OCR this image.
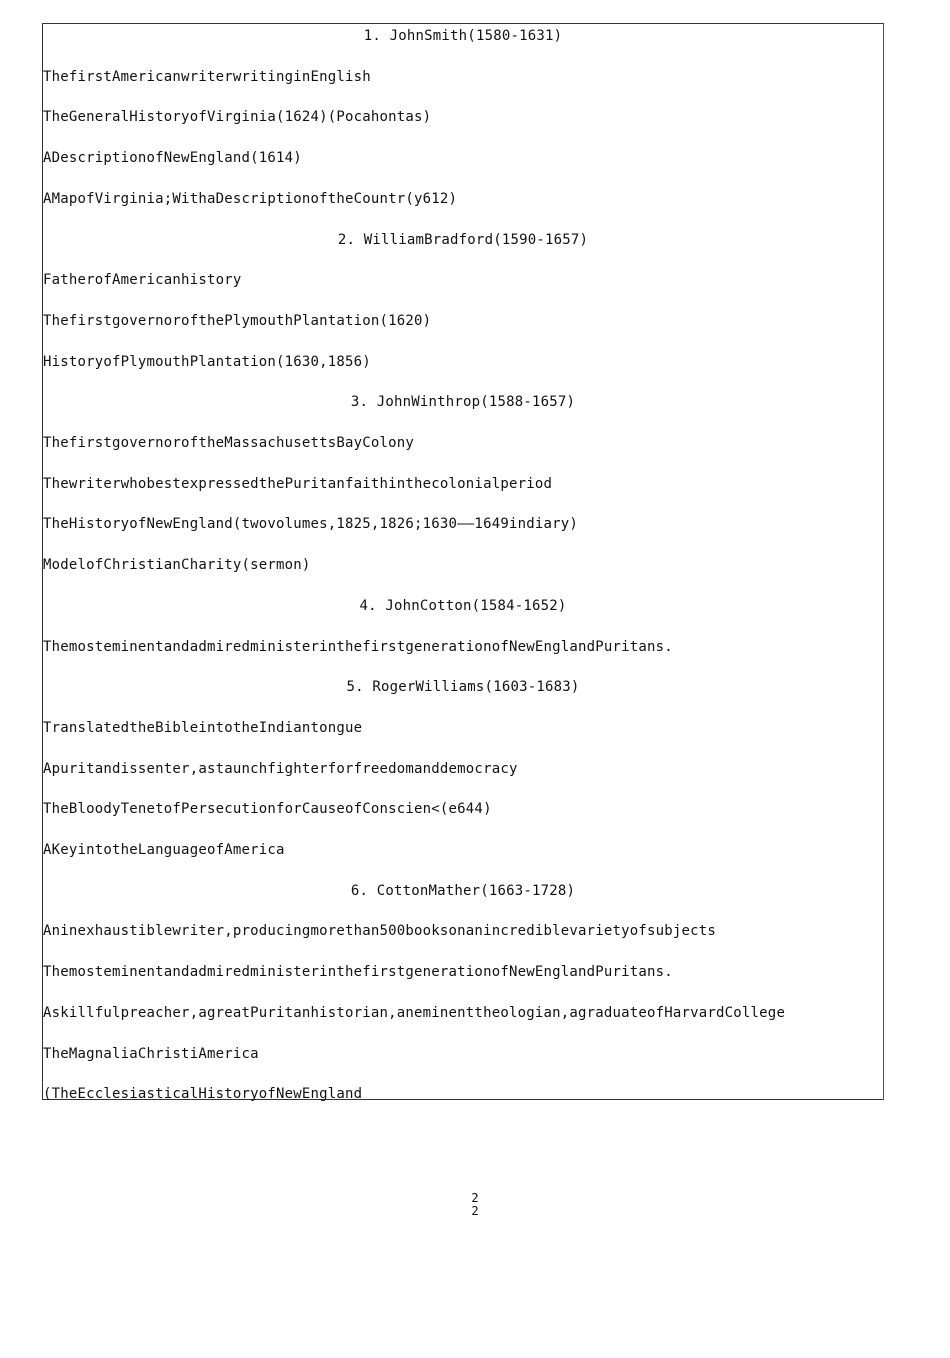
1. JohnSmith(1580-1631)
ThefirstAmericanwriterwritinginEnglish
TheGeneralHistoryofVirginia(1624)(Pocahontas)
ADescriptionofNewEngland(1614)
AMapofVirginia;WithaDescriptionoftheCountr(y612)
2. WilliamBradford(1590-1657)
FatherofAmericanhistory
ThefirstgovernorofthePlymouthPlantation(1620)
HistoryofPlymouthPlantation(1630,1856)
3. JohnWinthrop(1588-1657)
ThefirstgovernoroftheMassachusettsBayColony
ThewriterwhobestexpressedthePuritanfaithinthecolonialperiod
TheHistoryofNewEngland(twovolumes,1825,1826;1630——1649indiary)
ModelofChristianCharity(sermon)
4. JohnCotton(1584-1652)
ThemosteminentandadmiredministerinthefirstgenerationofNewEnglandPuritans.
5. RogerWilliams(1603-1683)
TranslatedtheBibleintotheIndiantongue
Apuritandissenter,astaunchfighterforfreedomanddemocracy
TheBloodyTenetofPersecutionforCauseofConscien<(e644)
AKeyintotheLanguageofAmerica
6. CottonMather(1663-1728)
Aninexhaustiblewriter,producingmorethan500booksonanincrediblevarietyofsubjects
ThemosteminentandadmiredministerinthefirstgenerationofNewEnglandPuritans.
Askillfulpreacher,agreatPuritanhistorian,aneminenttheologian,agraduateofHarvardCollege
TheMagnaliaChristiAmerica
(TheEcclesiasticalHistoryofNewEngland
2
2
